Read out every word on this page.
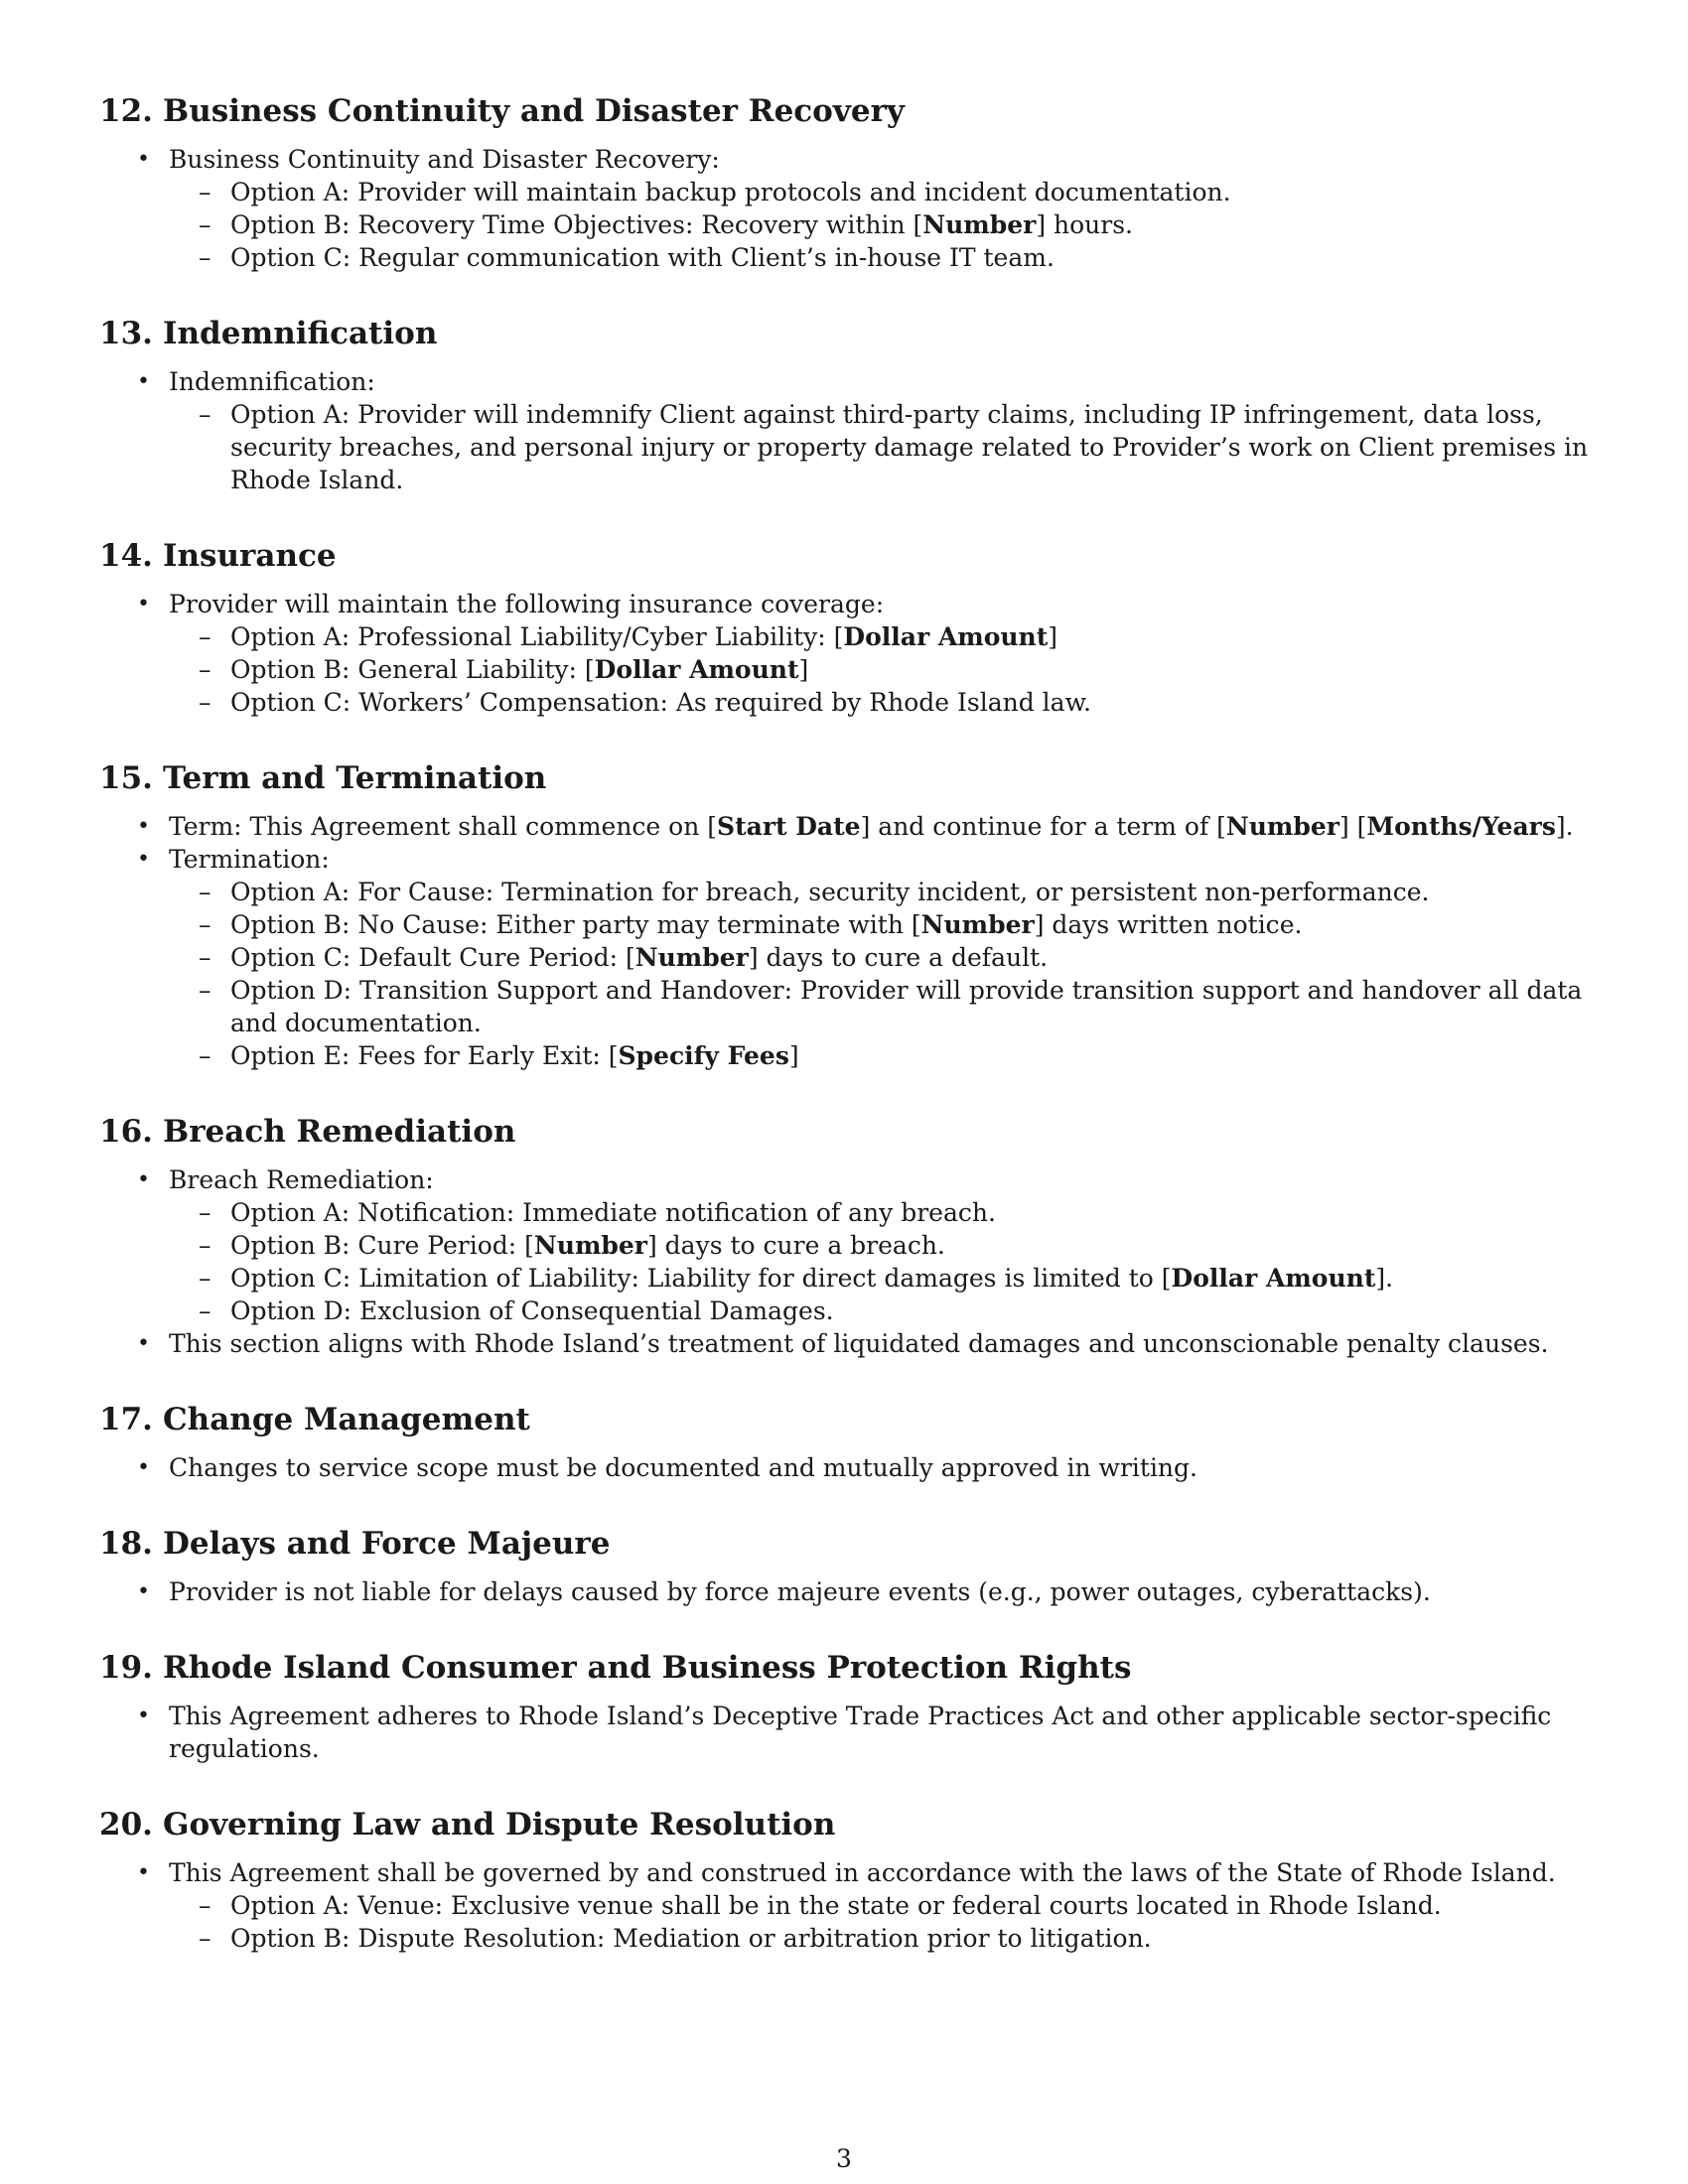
12. Business Continuity and Disaster Recovery
• Business Continuity and Disaster Recovery:
– Option A: Provider will maintain backup protocols and incident documentation.
– Option B: Recovery Time Objectives: Recovery within [Number] hours.
– Option C: Regular communication with Client’s in-house IT team.
13. Indemnification
• Indemnification:
– Option A: Provider will indemnify Client against third-party claims, including IP infringement, data loss, security breaches, and personal injury or property damage related to Provider’s work on Client premises in Rhode Island.
14. Insurance
• Provider will maintain the following insurance coverage:
– Option A: Professional Liability/Cyber Liability: [Dollar Amount]
– Option B: General Liability: [Dollar Amount]
– Option C: Workers’ Compensation: As required by Rhode Island law.
15. Term and Termination
• Term: This Agreement shall commence on [Start Date] and continue for a term of [Number] [Months/Years].
• Termination:
– Option A: For Cause: Termination for breach, security incident, or persistent non-performance.
– Option B: No Cause: Either party may terminate with [Number] days written notice.
– Option C: Default Cure Period: [Number] days to cure a default.
– Option D: Transition Support and Handover: Provider will provide transition support and handover all data and documentation.
– Option E: Fees for Early Exit: [Specify Fees]
16. Breach Remediation
• Breach Remediation:
– Option A: Notification: Immediate notification of any breach.
– Option B: Cure Period: [Number] days to cure a breach.
– Option C: Limitation of Liability: Liability for direct damages is limited to [Dollar Amount].
– Option D: Exclusion of Consequential Damages.
• This section aligns with Rhode Island’s treatment of liquidated damages and unconscionable penalty clauses.
17. Change Management
• Changes to service scope must be documented and mutually approved in writing.
18. Delays and Force Majeure
• Provider is not liable for delays caused by force majeure events (e.g., power outages, cyberattacks).
19. Rhode Island Consumer and Business Protection Rights
• This Agreement adheres to Rhode Island’s Deceptive Trade Practices Act and other applicable sector-specific regulations.
20. Governing Law and Dispute Resolution
• This Agreement shall be governed by and construed in accordance with the laws of the State of Rhode Island.
– Option A: Venue: Exclusive venue shall be in the state or federal courts located in Rhode Island.
– Option B: Dispute Resolution: Mediation or arbitration prior to litigation.
3
